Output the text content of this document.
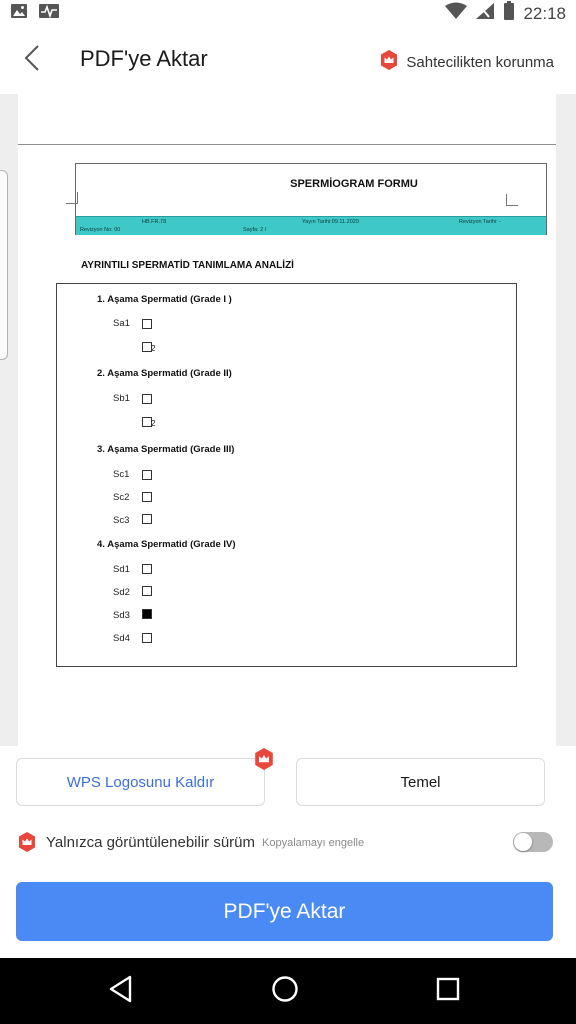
22:18
PDF'ye Aktar	Sahtecilikten korunma
SPERMİOGRAM FORMU
HB.FR.78
Revizyon No: 00
Yayın Tarihi:09.11.2020
Sayfa: 2 /
Revizyon Tarihi: -
AYRINTILI SPERMATİD TANIMLAMA ANALİZİ
1. Aşama Spermatid (Grade I )
Sa1
2
2. Aşama Spermatid (Grade II)
Sb1
2
3. Aşama Spermatid (Grade III)
Sc1
Sc2
Sc3
4. Aşama Spermatid (Grade IV)
Sd1
Sd2
Sd3
Sd4
WPS Logosunu Kaldır	Temel
Yalnızca görüntülenebilir sürüm Kopyalamayı engelle
PDF'ye Aktar
